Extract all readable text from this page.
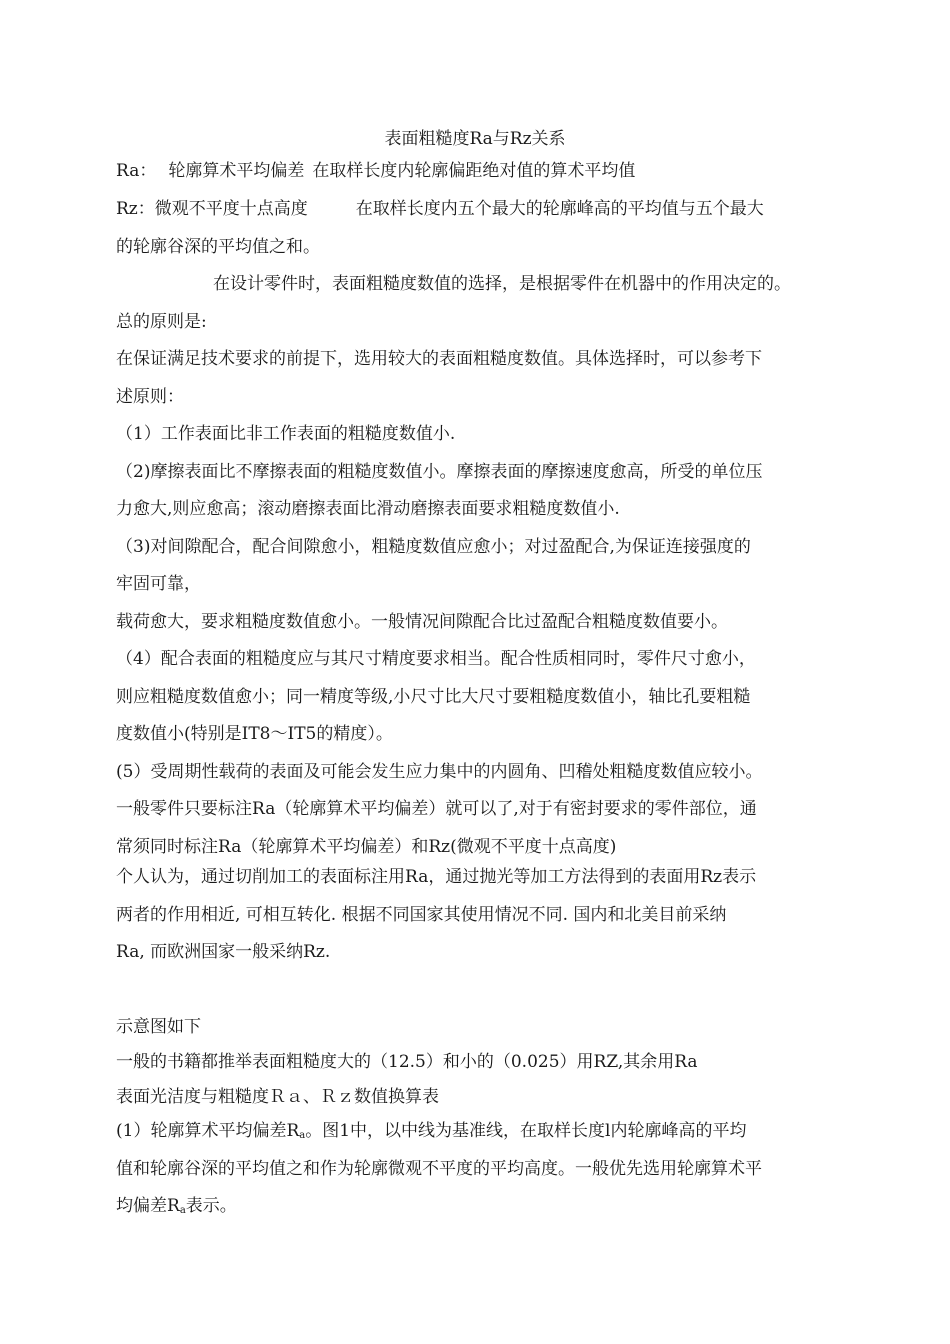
表面粗糙度Ra与Rz关系
Ra： 轮廓算术平均偏差 在取样长度内轮廓偏距绝对值的算术平均值
Rz：微观不平度十点高度	在取样长度内五个最大的轮廓峰高的平均值与五个最大
的轮廓谷深的平均值之和。
在设计零件时，表面粗糙度数值的选择，是根据零件在机器中的作用决定的。
总的原则是:
在保证满足技术要求的前提下，选用较大的表面粗糙度数值。具体选择时，可以参考下
述原则：
（1）工作表面比非工作表面的粗糙度数值小.
（2)摩擦表面比不摩擦表面的粗糙度数值小。摩擦表面的摩擦速度愈高，所受的单位压
力愈大,则应愈高；滚动磨擦表面比滑动磨擦表面要求粗糙度数值小.
（3)对间隙配合，配合间隙愈小，粗糙度数值应愈小；对过盈配合,为保证连接强度的
牢固可靠，
载荷愈大，要求粗糙度数值愈小。一般情况间隙配合比过盈配合粗糙度数值要小。
（4）配合表面的粗糙度应与其尺寸精度要求相当。配合性质相同时，零件尺寸愈小，
则应粗糙度数值愈小；同一精度等级,小尺寸比大尺寸要粗糙度数值小，轴比孔要粗糙
度数值小(特别是IT8～IT5的精度）。
(5）受周期性载荷的表面及可能会发生应力集中的内圆角、凹稽处粗糙度数值应较小。
一般零件只要标注Ra（轮廓算术平均偏差）就可以了,对于有密封要求的零件部位，通
常须同时标注Ra（轮廓算术平均偏差）和Rz(微观不平度十点高度)
个人认为，通过切削加工的表面标注用Ra，通过抛光等加工方法得到的表面用Rz表示
两者的作用相近, 可相互转化. 根据不同国家其使用情况不同. 国内和北美目前采纳
Ra, 而欧洲国家一般采纳Rz.
示意图如下
一般的书籍都推举表面粗糙度大的（12.5）和小的（0.025）用RZ,其余用Ra
表面光洁度与粗糙度Ｒａ、Ｒｚ数值换算表
(1）轮廓算术平均偏差$R_a$。图1中，以中线为基准线，在取样长度l内轮廓峰高的平均
值和轮廓谷深的平均值之和作为轮廓微观不平度的平均高度。一般优先选用轮廓算术平
均偏差$R_a$表示。
